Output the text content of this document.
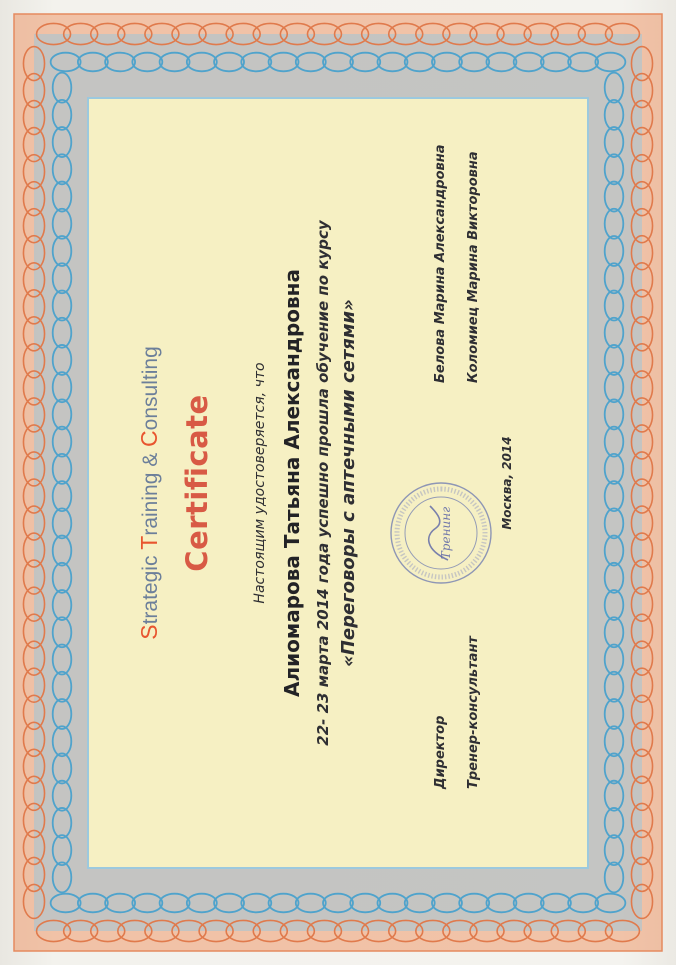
Strategic Training & Consulting
Certificate	Настоящим удостоверяется, что Алиомарова Татьяна Александровна 22- 23 марта 2014 года успешно прошла обучение по курсу «Переговоры с аптечными сетями»
Директор Тренер-консультант
Белова Марина Александровна Коломиец Марина Викторовна
Тренинг
Москва, 2014
